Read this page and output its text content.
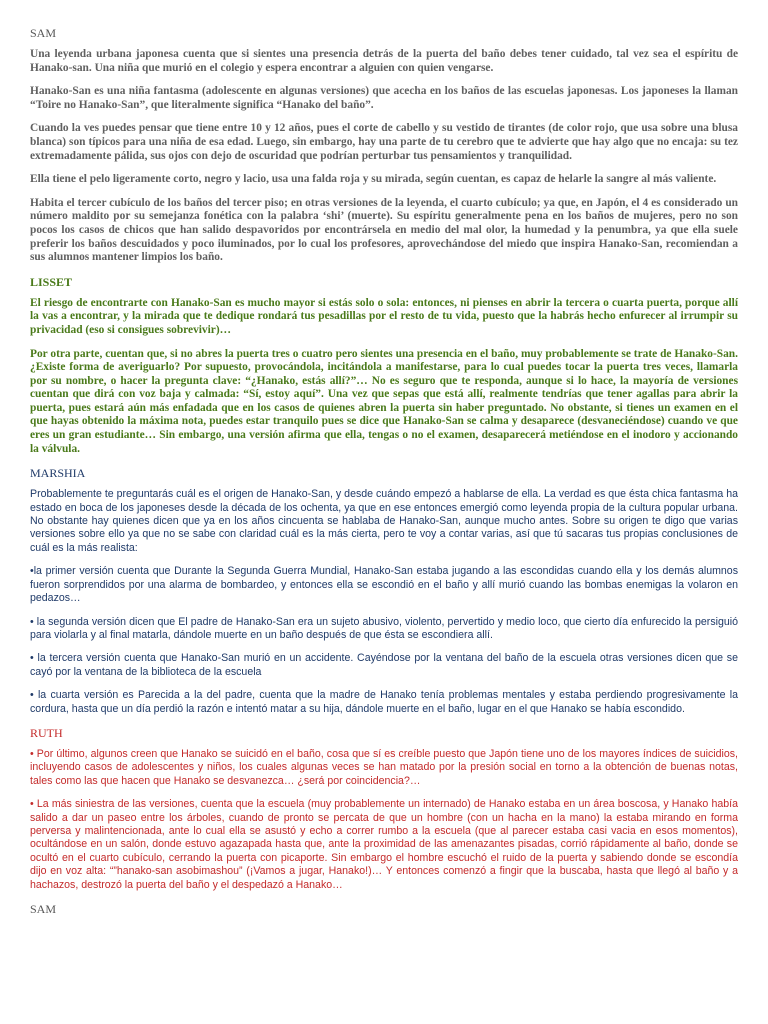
SAM

Una leyenda urbana japonesa cuenta que si sientes una presencia detrás de la puerta del baño debes tener cuidado, tal vez sea el espíritu de Hanako-san. Una niña que murió en el colegio y espera encontrar a alguien con quien vengarse.

Hanako-San es una niña fantasma (adolescente en algunas versiones) que acecha en los baños de las escuelas japonesas. Los japoneses la llaman “Toire no Hanako-San”, que literalmente significa “Hanako del baño”.

Cuando la ves puedes pensar que tiene entre 10 y 12 años, pues el corte de cabello y su vestido de tirantes (de color rojo, que usa sobre una blusa blanca) son típicos para una niña de esa edad. Luego, sin embargo, hay una parte de tu cerebro que te advierte que hay algo que no encaja: su tez extremadamente pálida, sus ojos con dejo de oscuridad que podrían perturbar tus pensamientos y tranquilidad.

Ella tiene el pelo ligeramente corto, negro y lacio, usa una falda roja y su mirada, según cuentan, es capaz de helarle la sangre al más valiente.

Habita el tercer cubículo de los baños del tercer piso; en otras versiones de la leyenda, el cuarto cubículo; ya que, en Japón, el 4 es considerado un número maldito por su semejanza fonética con la palabra ‘shi’ (muerte). Su espíritu generalmente pena en los baños de mujeres, pero no son pocos los casos de chicos que han salido despavoridos por encontrársela en medio del mal olor, la humedad y la penumbra, ya que ella suele preferir los baños descuidados y poco iluminados, por lo cual los profesores, aprovechándose del miedo que inspira Hanako-San, recomiendan a sus alumnos mantener limpios los baño.

LISSET

El riesgo de encontrarte con Hanako-San es mucho mayor si estás solo o sola: entonces, ni pienses en abrir la tercera o cuarta puerta, porque allí la vas a encontrar, y la mirada que te dedique rondará tus pesadillas por el resto de tu vida, puesto que la habrás hecho enfurecer al irrumpir su privacidad (eso si consigues sobrevivir)…

Por otra parte, cuentan que, si no abres la puerta tres o cuatro pero sientes una presencia en el baño, muy probablemente se trate de Hanako-San. ¿Existe forma de averiguarlo? Por supuesto, provocándola, incitándola a manifestarse, para lo cual puedes tocar la puerta tres veces, llamarla por su nombre, o hacer la pregunta clave: “¿Hanako, estás allí?”… No es seguro que te responda, aunque si lo hace, la mayoría de versiones cuentan que dirá con voz baja y calmada: “Sí, estoy aquí”. Una vez que sepas que está allí, realmente tendrías que tener agallas para abrir la puerta, pues estará aún más enfadada que en los casos de quienes abren la puerta sin haber preguntado. No obstante, si tienes un examen en el que hayas obtenido la máxima nota, puedes estar tranquilo pues se dice que Hanako-San se calma y desaparece (desvaneciéndose) cuando ve que eres un gran estudiante… Sin embargo, una versión afirma que ella, tengas o no el examen, desaparecerá metiéndose en el inodoro y accionando la válvula.

MARSHIA

Probablemente te preguntarás cuál es el origen de Hanako-San, y desde cuándo empezó a hablarse de ella. La verdad es que ésta chica fantasma ha estado en boca de los japoneses desde la década de los ochenta, ya que en ese entonces emergió como leyenda propia de la cultura popular urbana. No obstante hay quienes dicen que ya en los años cincuenta se hablaba de Hanako-San, aunque mucho antes. Sobre su origen te digo que varias versiones sobre ello ya que no se sabe con claridad cuál es la más cierta, pero te voy a contar varias, así que tú sacaras tus propias conclusiones de cuál es la más realista:

•la primer versión cuenta que Durante la Segunda Guerra Mundial, Hanako-San estaba jugando a las escondidas cuando ella y los demás alumnos fueron sorprendidos por una alarma de bombardeo, y entonces ella se escondió en el baño y allí murió cuando las bombas enemigas la volaron en pedazos…

• la segunda versión dicen que El padre de Hanako-San era un sujeto abusivo, violento, pervertido y medio loco, que cierto día enfurecido la persiguió para violarla y al final matarla, dándole muerte en un baño después de que ésta se escondiera allí.

• la tercera versión cuenta que Hanako-San murió en un accidente. Cayéndose por la ventana del baño de la escuela otras versiones dicen que se cayó por la ventana de la biblioteca de la escuela

• la cuarta versión es Parecida a la del padre, cuenta que la madre de Hanako tenía problemas mentales y estaba perdiendo progresivamente la cordura, hasta que un día perdió la razón e intentó matar a su hija, dándole muerte en el baño, lugar en el que Hanako se había escondido.

RUTH

• Por último, algunos creen que Hanako se suicidó en el baño, cosa que sí es creíble puesto que Japón tiene uno de los mayores índices de suicidios, incluyendo casos de adolescentes y niños, los cuales algunas veces se han matado por la presión social en torno a la obtención de buenas notas, tales como las que hacen que Hanako se desvanezca… ¿será por coincidencia?…

• La más siniestra de las versiones, cuenta que la escuela (muy probablemente un internado) de Hanako estaba en un área boscosa, y Hanako había salido a dar un paseo entre los árboles, cuando de pronto se percata de que un hombre (con un hacha en la mano) la estaba mirando en forma perversa y malintencionada, ante lo cual ella se asustó y echo a correr rumbo a la escuela (que al parecer estaba casi vacia en esos momentos), ocultándose en un salón, donde estuvo agazapada hasta que, ante la proximidad de las amenazantes pisadas, corrió rápidamente al baño, donde se ocultó en el cuarto cubículo, cerrando la puerta con picaporte. Sin embargo el hombre escuchó el ruido de la puerta y sabiendo donde se escondía dijo en voz alta: “”hanako-san asobimashou” (¡Vamos a jugar, Hanako!)… Y entonces comenzó a fingir que la buscaba, hasta que llegó al baño y a hachazos, destrozó la puerta del baño y el despedazó a Hanako…

SAM
